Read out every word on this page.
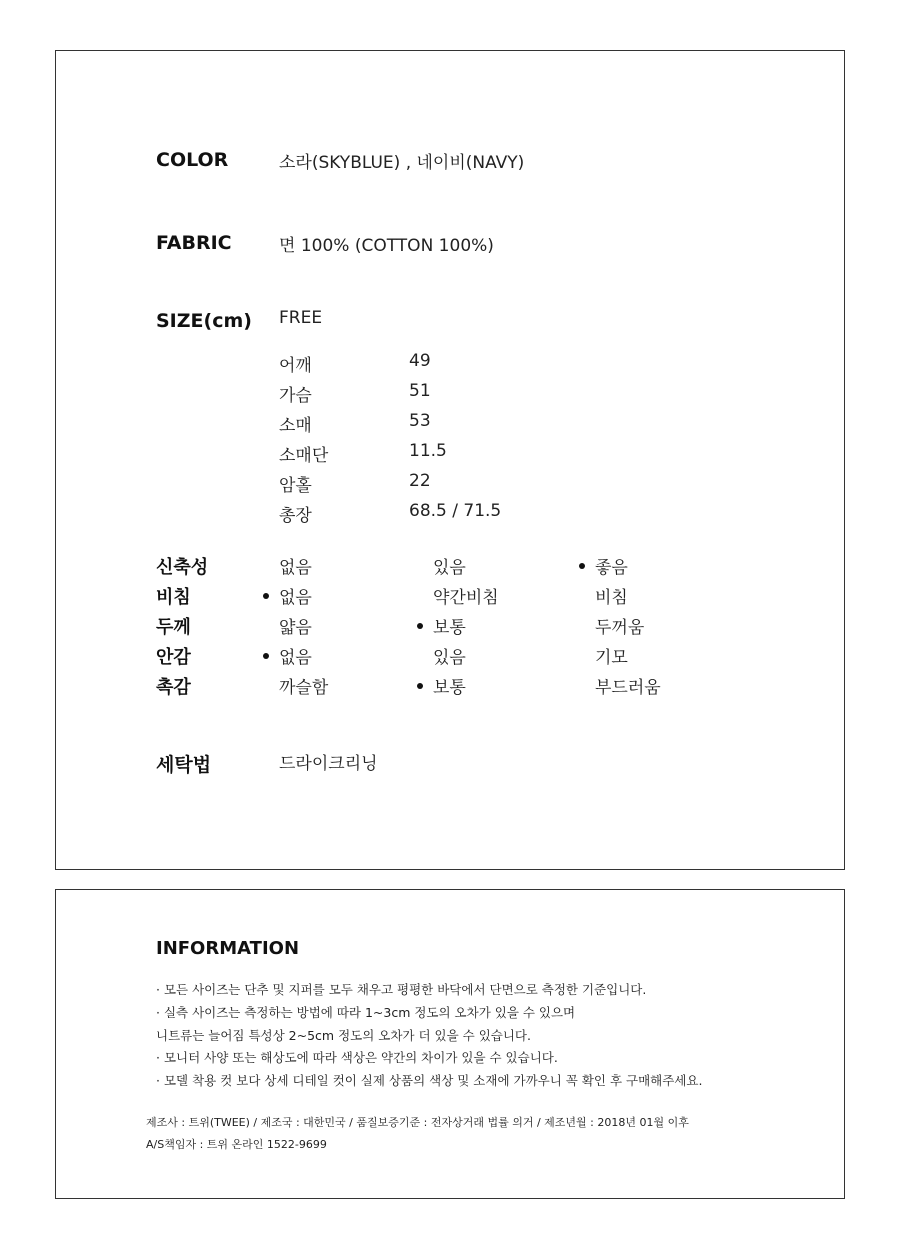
COLOR	소라(SKYBLUE) , 네이비(NAVY)
FABRIC	면 100% (COTTON 100%)
SIZE(cm) FREE
어깨	49
가슴	51
소매	53
소매단	11.5
암홀	22
총장	68.5 / 71.5
신축성	없음	있음	좋음
비침	없음	약간비침	비침
두께	얇음	보통	두꺼움
안감	없음	있음	기모
촉감	까슬함	보통	부드러움
세탁법	드라이크리닝
INFORMATION
· 모든 사이즈는 단추 및 지퍼를 모두 채우고 평평한 바닥에서 단면으로 측정한 기준입니다.
· 실측 사이즈는 측정하는 방법에 따라 1~3cm 정도의 오차가 있을 수 있으며
니트류는 늘어짐 특성상 2~5cm 정도의 오차가 더 있을 수 있습니다.
· 모니터 사양 또는 해상도에 따라 색상은 약간의 차이가 있을 수 있습니다.
· 모델 착용 컷 보다 상세 디테일 컷이 실제 상품의 색상 및 소재에 가까우니 꼭 확인 후 구매해주세요.
제조사 : 트위(TWEE) / 제조국 : 대한민국 / 품질보증기준 : 전자상거래 법률 의거 / 제조년월 : 2018년 01월 이후
A/S책임자 : 트위 온라인 1522-9699
